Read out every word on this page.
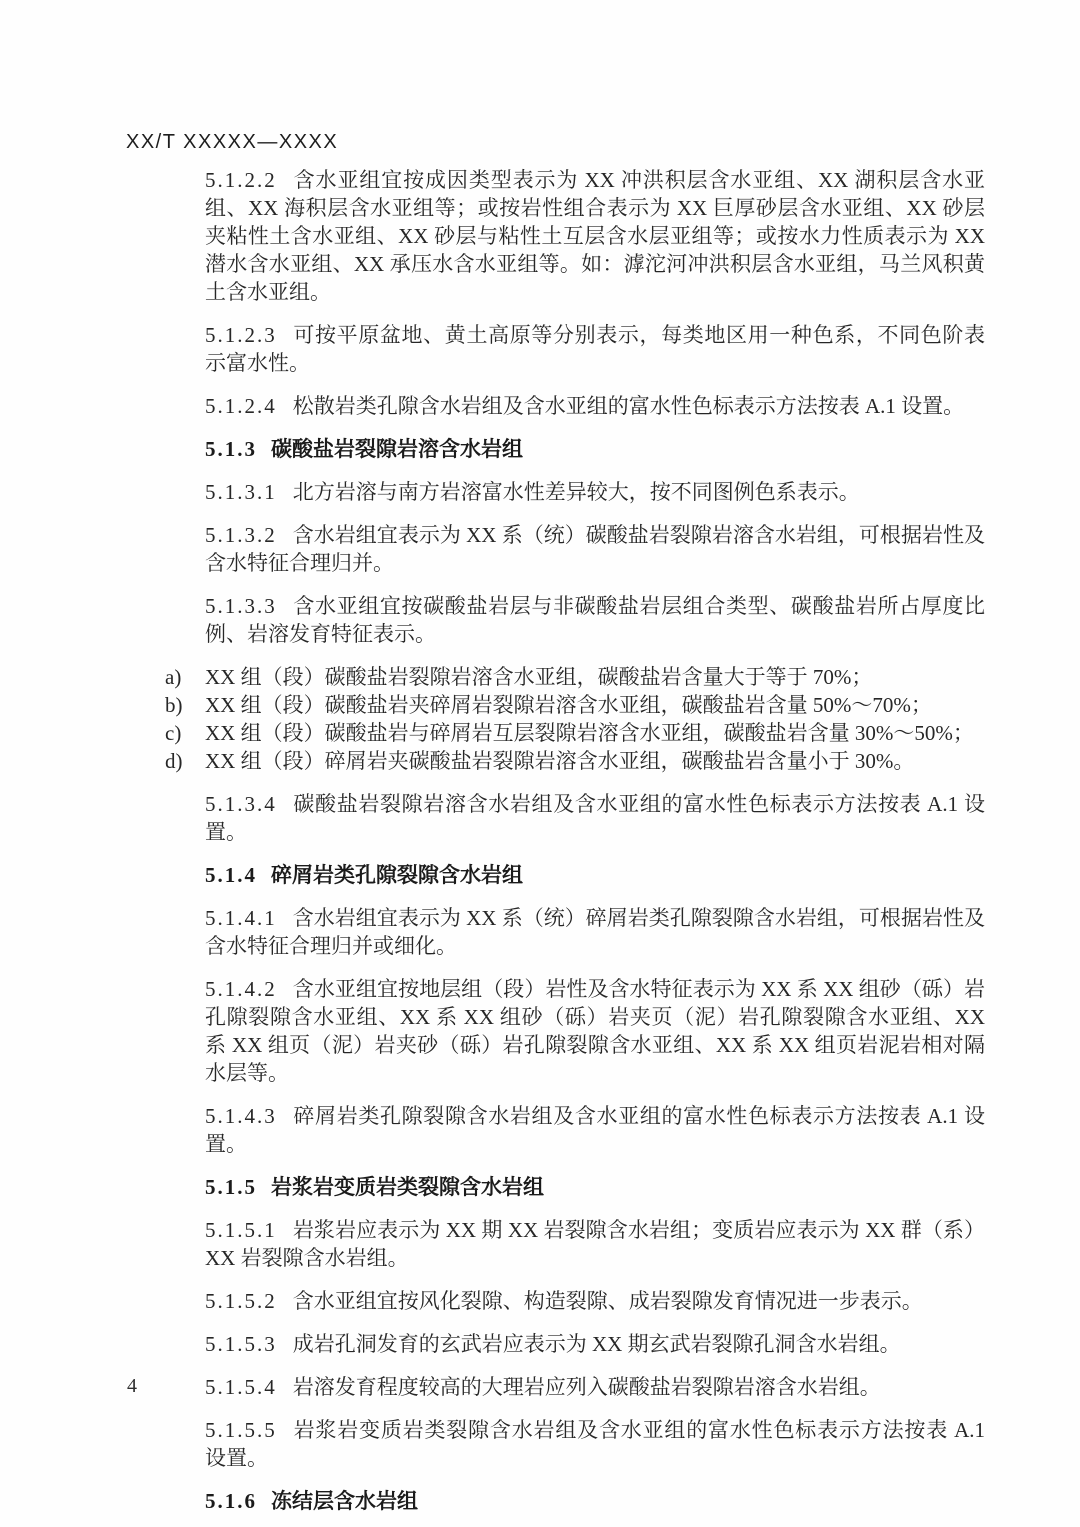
XX/T XXXXX—XXXX

5.1.2.2 含水亚组宜按成因类型表示为 XX 冲洪积层含水亚组、XX 湖积层含水亚组、XX 海积层含水亚组等；或按岩性组合表示为 XX 巨厚砂层含水亚组、XX 砂层夹粘性土含水亚组、XX 砂层与粘性土互层含水层亚组等；或按水力性质表示为 XX 潜水含水亚组、XX 承压水含水亚组等。如：滹沱河冲洪积层含水亚组，马兰风积黄土含水亚组。

5.1.2.3 可按平原盆地、黄土高原等分别表示，每类地区用一种色系，不同色阶表示富水性。

5.1.2.4 松散岩类孔隙含水岩组及含水亚组的富水性色标表示方法按表 A.1 设置。

5.1.3 碳酸盐岩裂隙岩溶含水岩组

5.1.3.1 北方岩溶与南方岩溶富水性差异较大，按不同图例色系表示。

5.1.3.2 含水岩组宜表示为 XX 系（统）碳酸盐岩裂隙岩溶含水岩组，可根据岩性及含水特征合理归并。

5.1.3.3 含水亚组宜按碳酸盐岩层与非碳酸盐岩层组合类型、碳酸盐岩所占厚度比例、岩溶发育特征表示。

a)	XX 组（段）碳酸盐岩裂隙岩溶含水亚组，碳酸盐岩含量大于等于 70%；
b)	XX 组（段）碳酸盐岩夹碎屑岩裂隙岩溶含水亚组，碳酸盐岩含量 50%～70%；
c)	XX 组（段）碳酸盐岩与碎屑岩互层裂隙岩溶含水亚组，碳酸盐岩含量 30%～50%；
d)	XX 组（段）碎屑岩夹碳酸盐岩裂隙岩溶含水亚组，碳酸盐岩含量小于 30%。

5.1.3.4 碳酸盐岩裂隙岩溶含水岩组及含水亚组的富水性色标表示方法按表 A.1 设置。

5.1.4 碎屑岩类孔隙裂隙含水岩组

5.1.4.1 含水岩组宜表示为 XX 系（统）碎屑岩类孔隙裂隙含水岩组，可根据岩性及含水特征合理归并或细化。

5.1.4.2 含水亚组宜按地层组（段）岩性及含水特征表示为 XX 系 XX 组砂（砾）岩孔隙裂隙含水亚组、XX 系 XX 组砂（砾）岩夹页（泥）岩孔隙裂隙含水亚组、XX 系 XX 组页（泥）岩夹砂（砾）岩孔隙裂隙含水亚组、XX 系 XX 组页岩泥岩相对隔水层等。

5.1.4.3 碎屑岩类孔隙裂隙含水岩组及含水亚组的富水性色标表示方法按表 A.1 设置。

5.1.5 岩浆岩变质岩类裂隙含水岩组

5.1.5.1 岩浆岩应表示为 XX 期 XX 岩裂隙含水岩组；变质岩应表示为 XX 群（系）XX 岩裂隙含水岩组。

5.1.5.2 含水亚组宜按风化裂隙、构造裂隙、成岩裂隙发育情况进一步表示。

5.1.5.3 成岩孔洞发育的玄武岩应表示为 XX 期玄武岩裂隙孔洞含水岩组。

5.1.5.4 岩溶发育程度较高的大理岩应列入碳酸盐岩裂隙岩溶含水岩组。

5.1.5.5 岩浆岩变质岩类裂隙含水岩组及含水亚组的富水性色标表示方法按表 A.1 设置。

5.1.6 冻结层含水岩组

4
